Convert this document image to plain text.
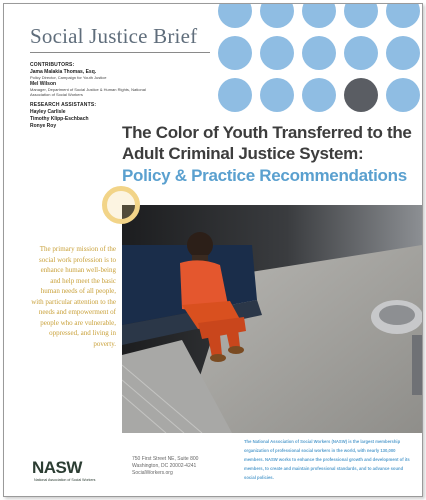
Social Justice Brief
CONTRIBUTORS:
Jama Malakia Thomas, Esq.
Policy Director, Campaign for Youth Justice
Mel Wilson
Manager, Department of Social Justice & Human Rights, National Association of Social Workers
RESEARCH ASSISTANTS:
Hayley Carlisle
Timothy Klipp-Eschbach
Ronye Roy	The Color of Youth Transferred to the Adult Criminal Justice System:
Policy & Practice Recommendations
The primary mission of the social work profession is to enhance human well-being and help meet the basic human needs of all people, with particular attention to the needs and empowerment of people who are vulnerable, oppressed, and living in poverty.
The National Association of Social Workers (NASW) is the largest membership organization of professional social workers in the world, with nearly 130,000 members. NASW works to enhance the professional growth and development of its members, to create and maintain professional standards, and to advance sound social policies.
NASW
National Association of Social Workers
750 First Street NE, Suite 800
Washington, DC 20002-4241
SocialWorkers.org
